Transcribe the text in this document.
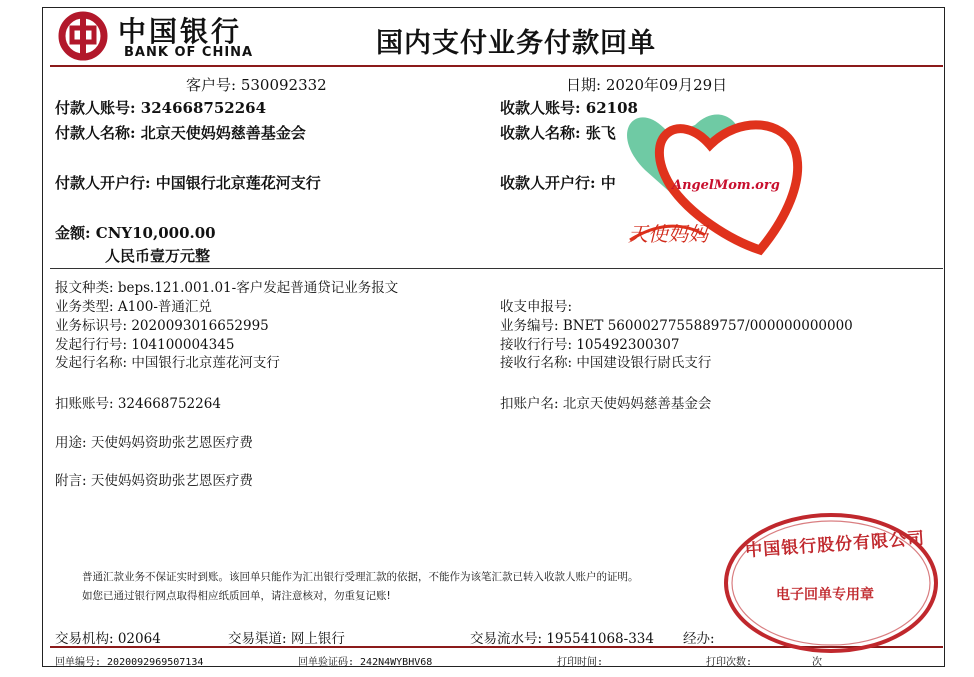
中国银行
BANK OF CHINA	国内支付业务付款回单
客户号: 530092332	日期: 2020年09月29日
付款人账号: 324668752264
付款人名称: 北京天使妈妈慈善基金会
付款人开户行: 中国银行北京莲花河支行
收款人账号: 62108
收款人名称: 张飞
收款人开户行: 中
金额: CNY10,000.00
人民币壹万元整
报文种类: beps.121.001.01-客户发起普通贷记业务报文
业务类型: A100-普通汇兑
业务标识号: 2020093016652995
发起行行号: 104100004345
发起行名称: 中国银行北京莲花河支行
收支申报号:
业务编号: BNET 5600027755889757/000000000000
接收行行号: 105492300307
接收行名称: 中国建设银行尉氏支行
扣账账号: 324668752264	扣账户名: 北京天使妈妈慈善基金会
用途: 天使妈妈资助张艺恩医疗费
附言: 天使妈妈资助张艺恩医疗费
普通汇款业务不保证实时到账。该回单只能作为汇出银行受理汇款的依据，不能作为该笔汇款已转入收款人账户的证明。
如您已通过银行网点取得相应纸质回单，请注意核对，勿重复记账!
交易机构: 02064	交易渠道: 网上银行	交易流水号: 195541068-334 经办:
回单编号: 2020092969507134	回单验证码: 242N4WYBHV68	打印时间:	打印次数:	次
AngelMom.org
天使妈妈
中国银行股份有限公司
电子回单专用章
